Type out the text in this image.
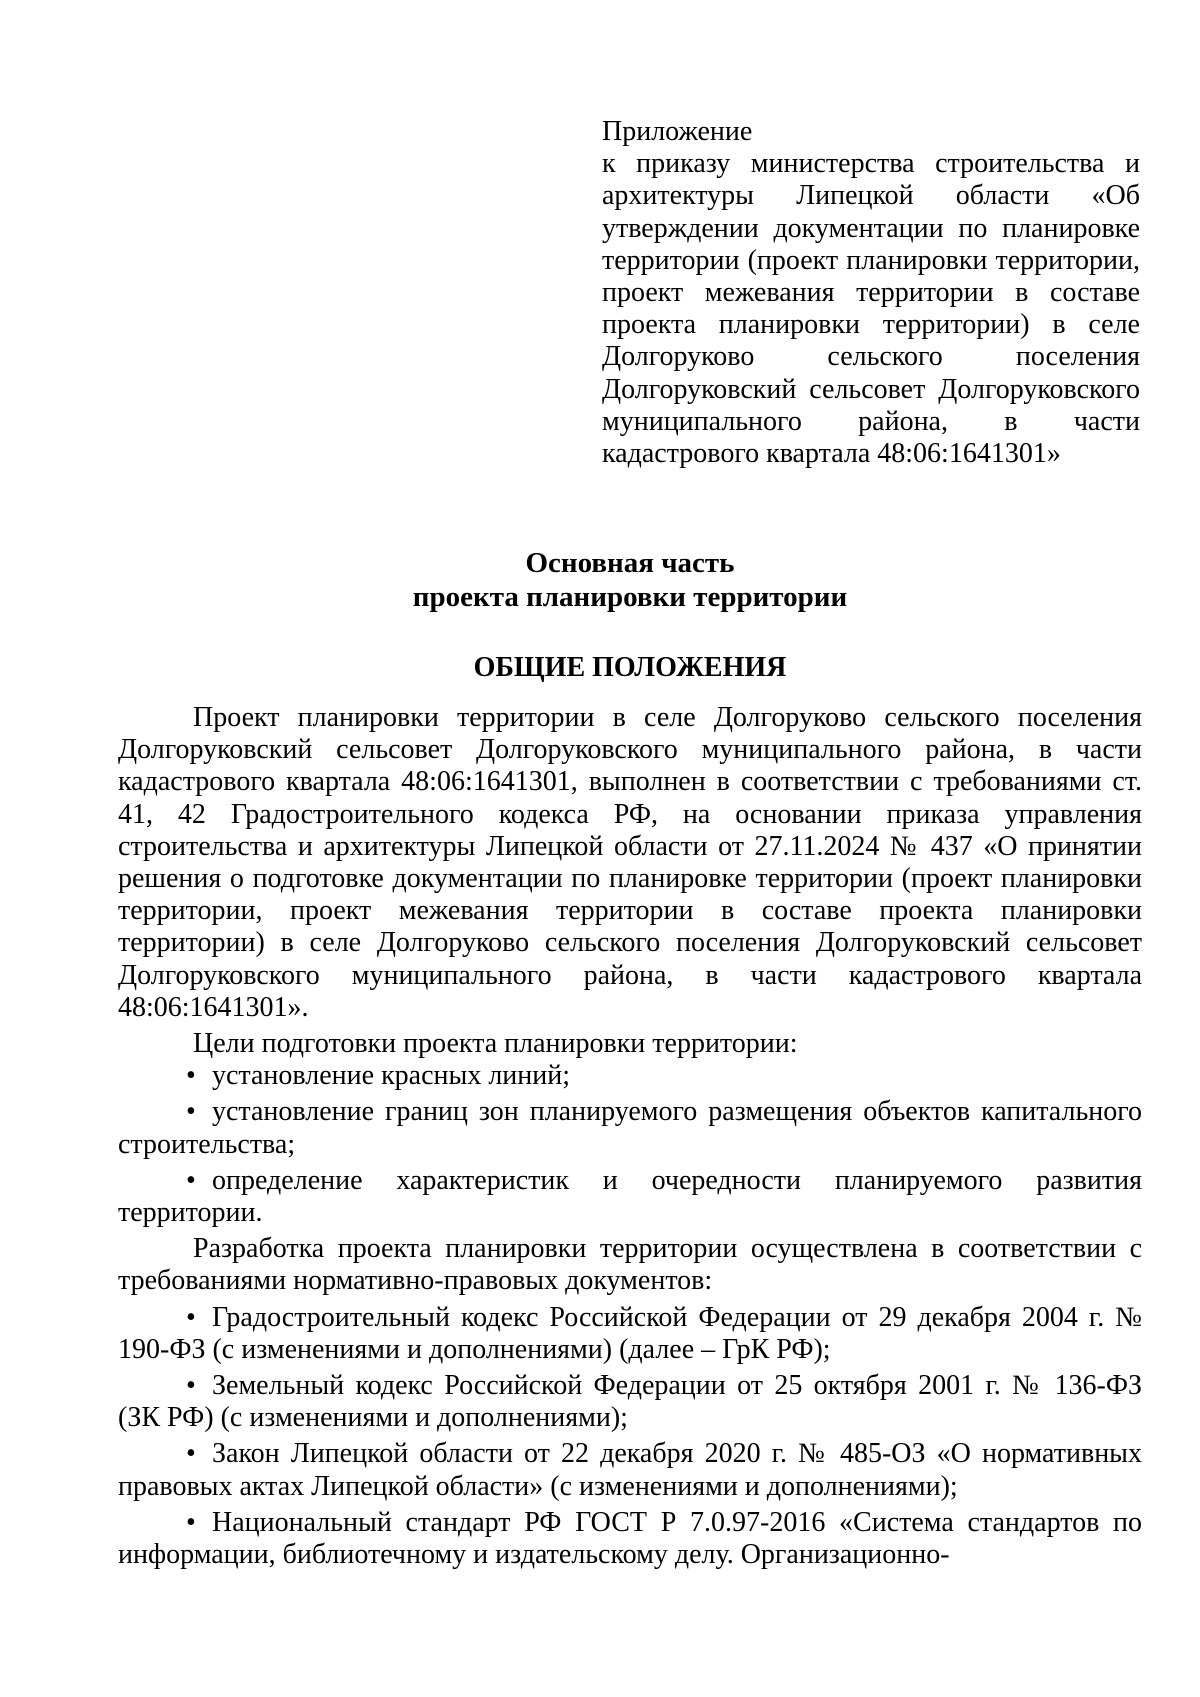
Приложение
к приказу министерства строительства и архитектуры Липецкой области «Об утверждении документации по планировке территории (проект планировки территории, проект межевания территории в составе проекта планировки территории) в селе Долгоруково сельского поселения Долгоруковский сельсовет Долгоруковского муниципального района, в части кадастрового квартала 48:06:1641301»
Основная часть
проекта планировки территории
ОБЩИЕ ПОЛОЖЕНИЯ

Проект планировки территории в селе Долгоруково сельского поселения Долгоруковский сельсовет Долгоруковского муниципального района, в части кадастрового квартала 48:06:1641301, выполнен в соответствии с требованиями ст. 41, 42 Градостроительного кодекса РФ, на основании приказа управления строительства и архитектуры Липецкой области от 27.11.2024 № 437 «О принятии решения о подготовке документации по планировке территории (проект планировки территории, проект межевания территории в составе проекта планировки территории) в селе Долгоруково сельского поселения Долгоруковский сельсовет Долгоруковского муниципального района, в части кадастрового квартала 48:06:1641301».

Цели подготовки проекта планировки территории:

• установление красных линий;

• установление границ зон планируемого размещения объектов капитального строительства;

• определение характеристик и очередности планируемого развития территории.

Разработка проекта планировки территории осуществлена в соответствии с требованиями нормативно-правовых документов:

• Градостроительный кодекс Российской Федерации от 29 декабря 2004 г. № 190-ФЗ (с изменениями и дополнениями) (далее – ГрК РФ);

• Земельный кодекс Российской Федерации от 25 октября 2001 г. № 136-ФЗ (ЗК РФ) (с изменениями и дополнениями);

• Закон Липецкой области от 22 декабря 2020 г. № 485-ОЗ «О нормативных правовых актах Липецкой области» (с изменениями и дополнениями);

• Национальный стандарт РФ ГОСТ Р 7.0.97-2016 «Система стандартов по информации, библиотечному и издательскому делу. Организационно-
